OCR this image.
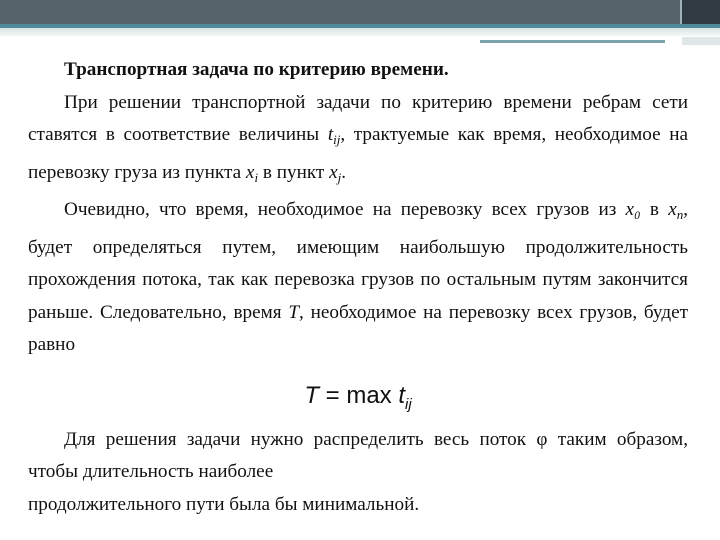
Транспортная задача по критерию времени.

При решении транспортной задачи по критерию времени ребрам сети ставятся в соответствие величины $t_{ij}$, трактуемые как время, необходимое на перевозку груза из пункта $x_i$ в пункт $x_j$.

Очевидно, что время, необходимое на перевозку всех грузов из x₀ в $x_n$, будет определяться путем, имеющим наибольшую продолжительность прохождения потока, так как перевозка грузов по остальным путям закончится раньше. Следовательно, время T, необходимое на перевозку всех грузов, будет равно

$T = \max t_{ij}$

Для решения задачи нужно распределить весь поток φ таким образом, чтобы длительность наиболее

продолжительного пути была бы минимальной.
